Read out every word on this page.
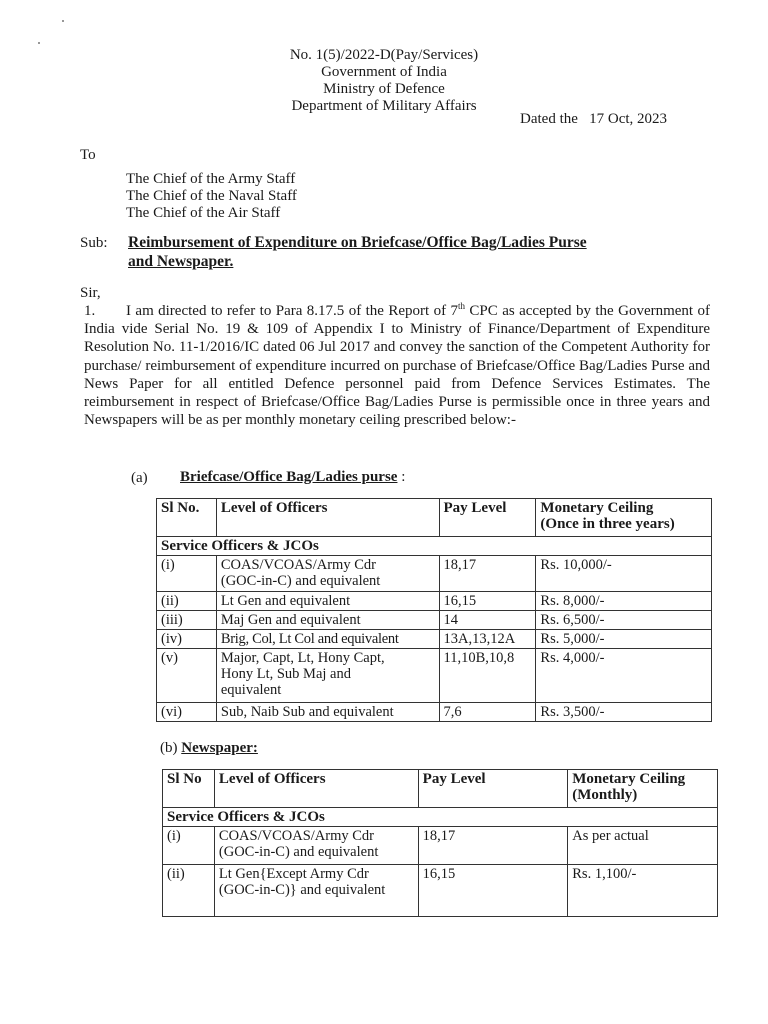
No. 1(5)/2022-D(Pay/Services)
Government of India
Ministry of Defence
Department of Military Affairs
Dated the 17 Oct, 2023
To
The Chief of the Army Staff
The Chief of the Naval Staff
The Chief of the Air Staff
Sub: Reimbursement of Expenditure on Briefcase/Office Bag/Ladies Purse
and Newspaper.
Sir,
1. I am directed to refer to Para 8.17.5 of the Report of 7th CPC as accepted by the Government of India vide Serial No. 19 & 109 of Appendix I to Ministry of Finance/Department of Expenditure Resolution No. 11-1/2016/IC dated 06 Jul 2017 and convey the sanction of the Competent Authority for purchase/ reimbursement of expenditure incurred on purchase of Briefcase/Office Bag/Ladies Purse and News Paper for all entitled Defence personnel paid from Defence Services Estimates. The reimbursement in respect of Briefcase/Office Bag/Ladies Purse is permissible once in three years and Newspapers will be as per monthly monetary ceiling prescribed below:-
(a) Briefcase/Office Bag/Ladies purse :
Sl No.	Level of Officers	Pay Level	Monetary Ceiling
(Once in three years)

Service Officers & JCOs			
(i)	COAS/VCOAS/Army Cdr
(GOC-in-C) and equivalent	18,17	Rs. 10,000/-
(ii)	Lt Gen and equivalent	16,15	Rs. 8,000/-
(iii)	Maj Gen and equivalent	14	Rs. 6,500/-
(iv)	Brig, Col, Lt Col and equivalent	13A,13,12A	Rs. 5,000/-
(v)	Major, Capt, Lt, Hony Capt,
Hony Lt, Sub Maj and
equivalent	11,10B,10,8	Rs. 4,000/-
(vi)	Sub, Naib Sub and equivalent	7,6	Rs. 3,500/-
(b) Newspaper:
Sl No	Level of Officers	Pay Level	Monetary Ceiling
(Monthly)

Service Officers & JCOs			
(i)	COAS/VCOAS/Army Cdr
(GOC-in-C) and equivalent	18,17	As per actual
(ii)	Lt Gen{Except Army Cdr
(GOC-in-C)} and equivalent	16,15	Rs. 1,100/-
